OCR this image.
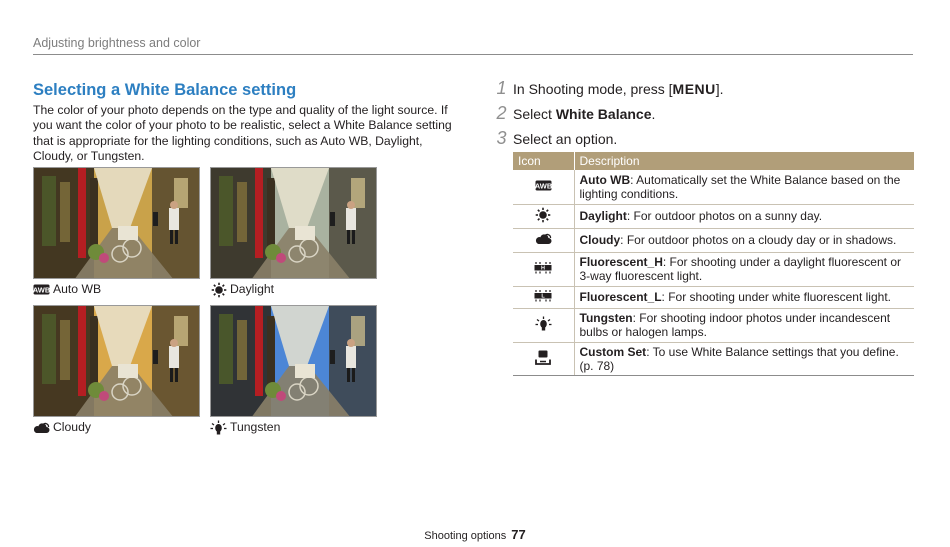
Adjusting brightness and color
Selecting a White Balance setting

The color of your photo depends on the type and quality of the light source. If you want the color of your photo to be realistic, select a White Balance setting that is appropriate for the lighting conditions, such as Auto WB, Daylight, Cloudy, or Tungsten.

AWB Auto WB	Daylight
Cloudy	Tungsten
1 In Shooting mode, press [MENU].
2 Select White Balance.
3 Select an option.
Icon	Description

AWB	Auto WB: Automatically set the White Balance based on the lighting conditions.

	Daylight: For outdoor photos on a sunny day.

	Cloudy: For outdoor photos on a cloudy day or in shadows.

H	Fluorescent_H: For shooting under a daylight fluorescent or 3-way fluorescent light.

L	Fluorescent_L: For shooting under white fluorescent light.

	Tungsten: For shooting indoor photos under incandescent bulbs or halogen lamps.

	Custom Set: To use White Balance settings that you define. (p. 78)
Shooting options 77
